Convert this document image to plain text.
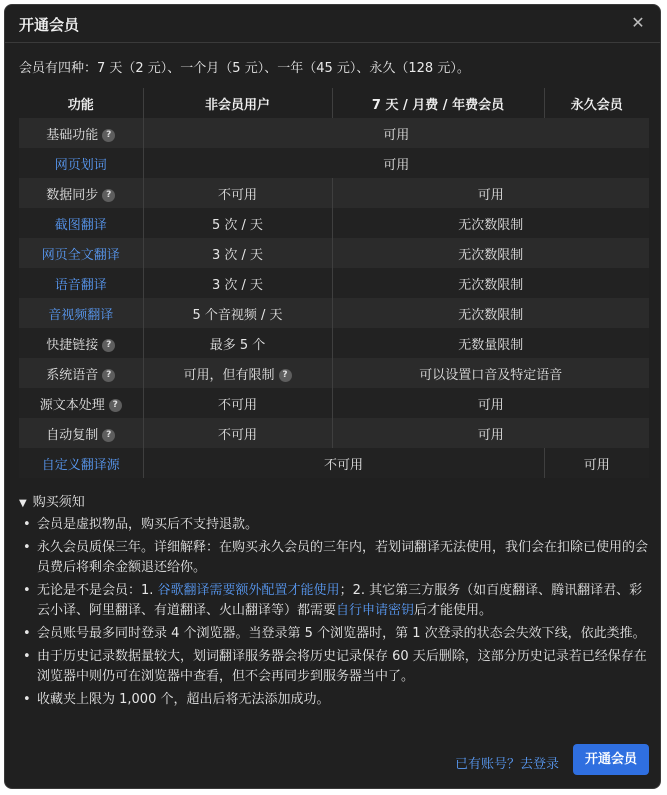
开通会员	✕
会员有四种：7 天（2 元）、一个月（5 元）、一年（45 元）、永久（128 元）。
功能	非会员用户	7 天 / 月费 / 年费会员	永久会员
基础功能 ?	可用		
网页划词	可用		
数据同步 ?	不可用	可用	
截图翻译	5 次 / 天	无次数限制	
网页全文翻译	3 次 / 天	无次数限制	
语音翻译	3 次 / 天	无次数限制	
音视频翻译	5 个音视频 / 天	无次数限制	
快捷链接 ?	最多 5 个	无数量限制	
系统语音 ?	可用，但有限制 ?	可以设置口音及特定语音	
源文本处理 ?	不可用	可用	
自动复制 ?	不可用	可用	
自定义翻译源	不可用		可用
▼ 购买须知
• 会员是虚拟物品，购买后不支持退款。
• 永久会员质保三年。详细解释：在购买永久会员的三年内，若划词翻译无法使用，我们会在扣除已使用的会员费后将剩余金额退还给你。
• 无论是不是会员：1. 谷歌翻译需要额外配置才能使用；2. 其它第三方服务（如百度翻译、腾讯翻译君、彩云小译、阿里翻译、有道翻译、火山翻译等）都需要自行申请密钥后才能使用。
• 会员账号最多同时登录 4 个浏览器。当登录第 5 个浏览器时，第 1 次登录的状态会失效下线，依此类推。
• 由于历史记录数据量较大，划词翻译服务器会将历史记录保存 60 天后删除，这部分历史记录若已经保存在浏览器中则仍可在浏览器中查看，但不会再同步到服务器当中了。
• 收藏夹上限为 1,000 个，超出后将无法添加成功。
已有账号？去登录	开通会员
